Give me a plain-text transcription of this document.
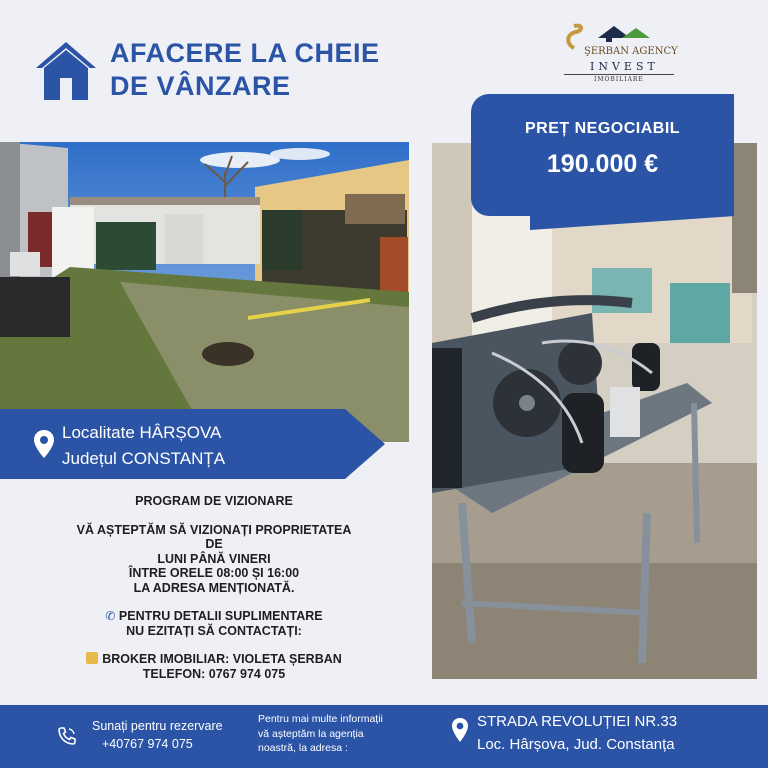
AFACERE LA CHEIE
DE VÂNZARE
ŞERBAN AGENCY
INVEST
IMOBILIARE
PREȚ NEGOCIABIL
190.000 €
Localitate HÂRȘOVA
Județul CONSTANȚA
PROGRAM DE VIZIONARE
VĂ AȘTEPTĂM SĂ VIZIONAȚI PROPRIETATEA
DE
LUNI PÂNĂ VINERI
ÎNTRE ORELE 08:00 ȘI 16:00
LA ADRESA MENȚIONATĂ.
✆ PENTRU DETALII SUPLIMENTARE
NU EZITAȚI SĂ CONTACTAȚI:
BROKER IMOBILIAR: VIOLETA ȘERBAN
TELEFON: 0767 974 075
Sunați pentru rezervare
+40767 974 075
Pentru mai multe informații
vă așteptăm la agenția
noastră, la adresa :
STRADA REVOLUȚIEI NR.33
Loc. Hârșova, Jud. Constanța
